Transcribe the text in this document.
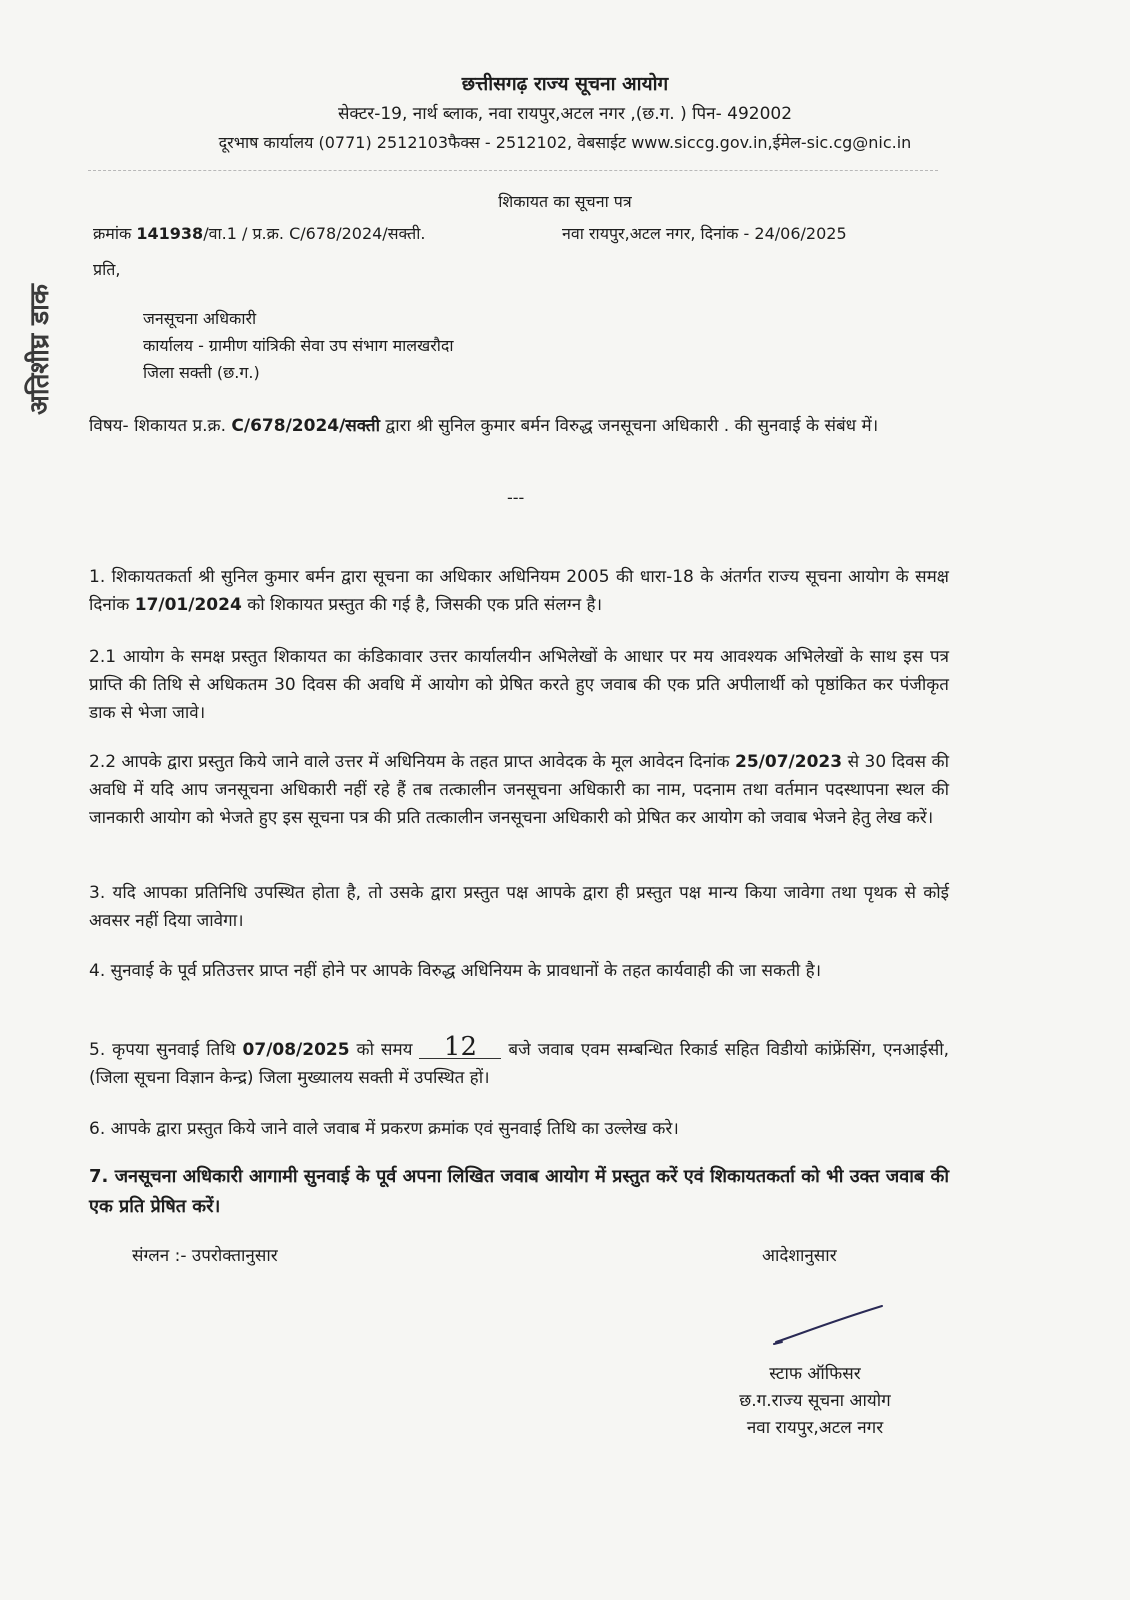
छत्तीसगढ़ राज्य सूचना आयोग
सेक्टर-19, नार्थ ब्लाक, नवा रायपुर,अटल नगर ,(छ.ग. ) पिन- 492002
दूरभाष कार्यालय (0771) 2512103फैक्स - 2512102, वेबसाईट www.siccg.gov.in,ईमेल-sic.cg@nic.in
शिकायत का सूचना पत्र
अतिशीघ्र डाक
क्रमांक 141938/वा.1 / प्र.क्र. C/678/2024/सक्ती.	नवा रायपुर,अटल नगर, दिनांक - 24/06/2025
प्रति,
जनसूचना अधिकारी
कार्यालय - ग्रामीण यांत्रिकी सेवा उप संभाग मालखरौदा
जिला सक्ती (छ.ग.)
विषय- शिकायत प्र.क्र. C/678/2024/सक्ती द्वारा श्री सुनिल कुमार बर्मन विरुद्ध जनसूचना अधिकारी . की सुनवाई के संबंध में।
---
1. शिकायतकर्ता श्री सुनिल कुमार बर्मन द्वारा सूचना का अधिकार अधिनियम 2005 की धारा-18 के अंतर्गत राज्य सूचना आयोग के समक्ष दिनांक 17/01/2024 को शिकायत प्रस्तुत की गई है, जिसकी एक प्रति संलग्न है।
2.1 आयोग के समक्ष प्रस्तुत शिकायत का कंडिकावार उत्तर कार्यालयीन अभिलेखों के आधार पर मय आवश्यक अभिलेखों के साथ इस पत्र प्राप्ति की तिथि से अधिकतम 30 दिवस की अवधि में आयोग को प्रेषित करते हुए जवाब की एक प्रति अपीलार्थी को पृष्ठांकित कर पंजीकृत डाक से भेजा जावे।
2.2 आपके द्वारा प्रस्तुत किये जाने वाले उत्तर में अधिनियम के तहत प्राप्त आवेदक के मूल आवेदन दिनांक 25/07/2023 से 30 दिवस की अवधि में यदि आप जनसूचना अधिकारी नहीं रहे हैं तब तत्कालीन जनसूचना अधिकारी का नाम, पदनाम तथा वर्तमान पदस्थापना स्थल की जानकारी आयोग को भेजते हुए इस सूचना पत्र की प्रति तत्कालीन जनसूचना अधिकारी को प्रेषित कर आयोग को जवाब भेजने हेतु लेख करें।
3. यदि आपका प्रतिनिधि उपस्थित होता है, तो उसके द्वारा प्रस्तुत पक्ष आपके द्वारा ही प्रस्तुत पक्ष मान्य किया जावेगा तथा पृथक से कोई अवसर नहीं दिया जावेगा।
4. सुनवाई के पूर्व प्रतिउत्तर प्राप्त नहीं होने पर आपके विरुद्ध अधिनियम के प्रावधानों के तहत कार्यवाही की जा सकती है।
5. कृपया सुनवाई तिथि 07/08/2025 को समय 12 बजे जवाब एवम सम्बन्धित रिकार्ड सहित विडीयो कांफ्रेंसिंग, एनआईसी,(जिला सूचना विज्ञान केन्द्र) जिला मुख्यालय सक्ती में उपस्थित हों।
6. आपके द्वारा प्रस्तुत किये जाने वाले जवाब में प्रकरण क्रमांक एवं सुनवाई तिथि का उल्लेख करे।
7. जनसूचना अधिकारी आगामी सुनवाई के पूर्व अपना लिखित जवाब आयोग में प्रस्तुत करें एवं शिकायतकर्ता को भी उक्त जवाब की एक प्रति प्रेषित करें।
संग्लन :- उपरोक्तानुसार	आदेशानुसार
स्टाफ ऑफिसर
छ.ग.राज्य सूचना आयोग
नवा रायपुर,अटल नगर
